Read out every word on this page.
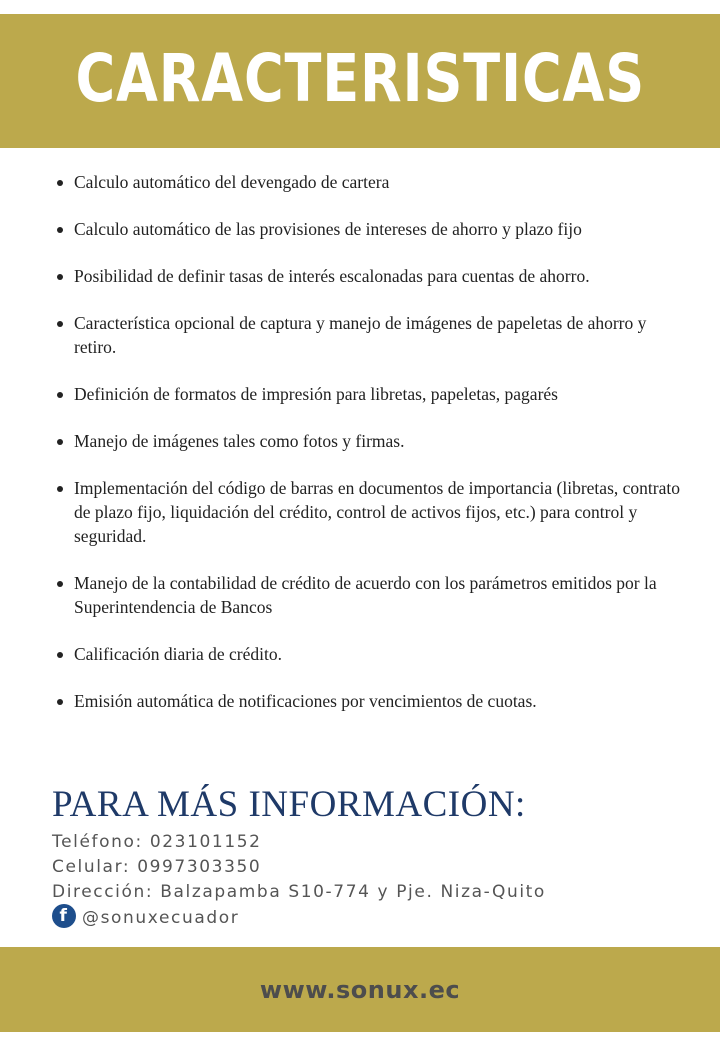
CARACTERISTICAS
Calculo automático del devengado de cartera
Calculo automático de las provisiones de intereses de ahorro y plazo fijo
Posibilidad de definir tasas de interés escalonadas para cuentas de ahorro.
Característica opcional de captura y manejo de imágenes de papeletas de ahorro y retiro.
Definición de formatos de impresión para libretas, papeletas, pagarés
Manejo de imágenes tales como fotos y firmas.
Implementación del código de barras en documentos de importancia (libretas, contrato de plazo fijo, liquidación del crédito, control de activos fijos, etc.) para control y seguridad.
Manejo de la contabilidad de crédito de acuerdo con los parámetros emitidos por la Superintendencia de Bancos
Calificación diaria de crédito.
Emisión automática de notificaciones por vencimientos de cuotas.
PARA MÁS INFORMACIÓN:
Teléfono: 023101152
Celular: 0997303350
Dirección: Balzapamba S10-774 y Pje. Niza-Quito
f @sonuxecuador
www.sonux.ec
